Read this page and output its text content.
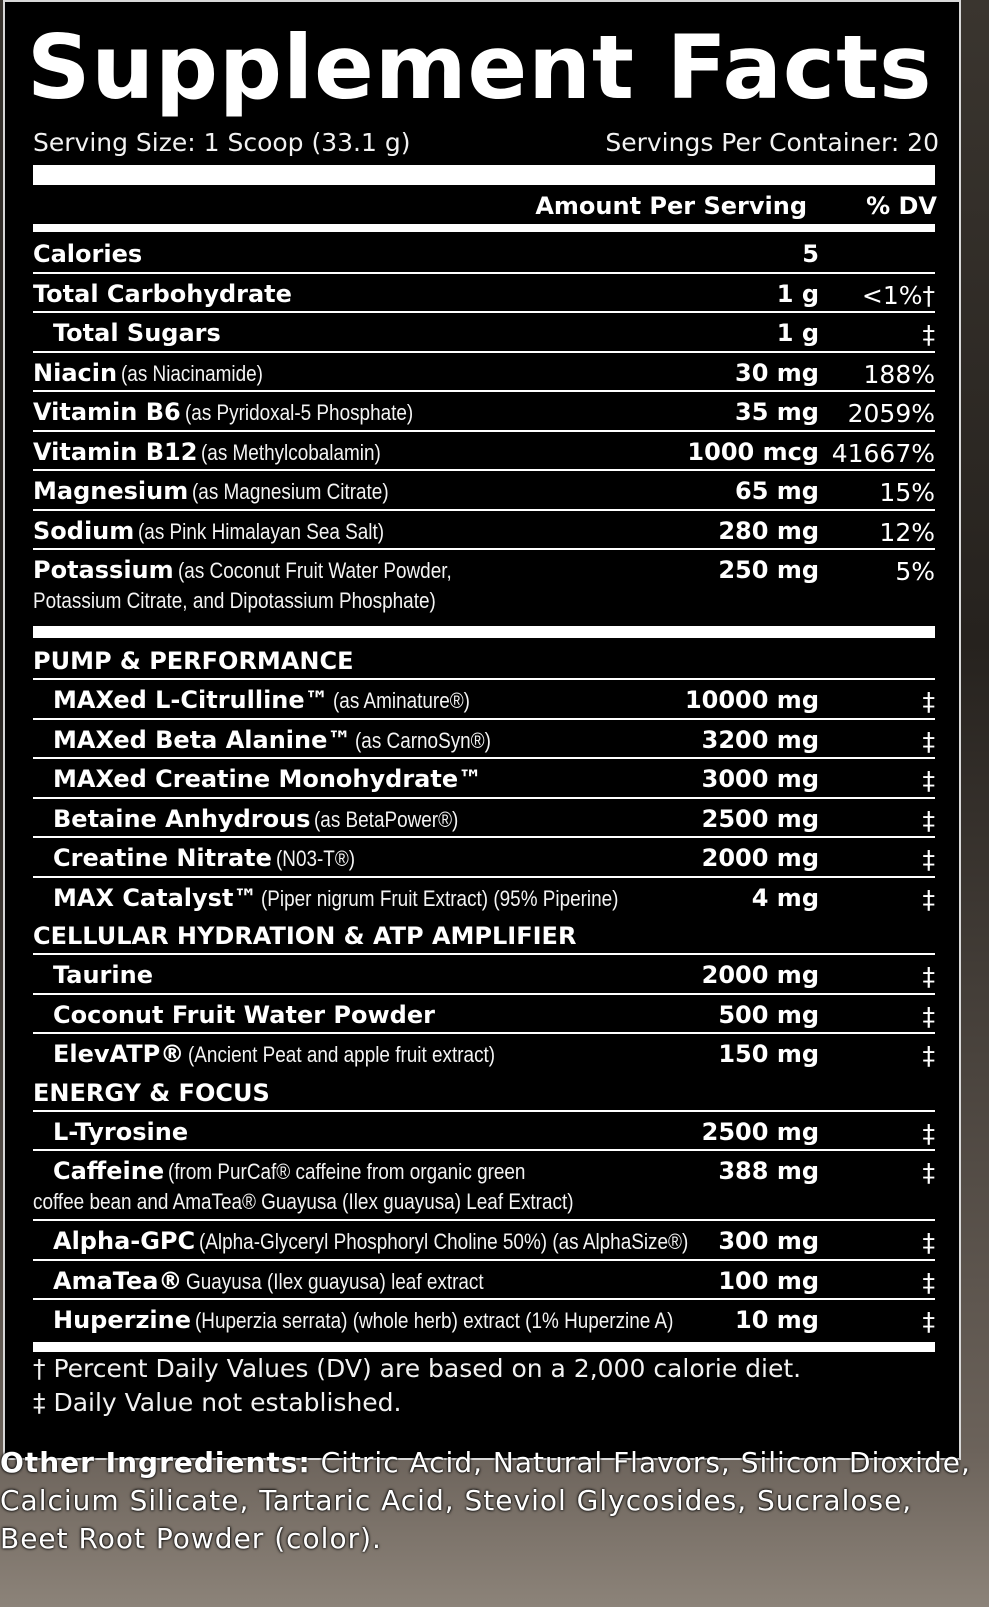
Supplement Facts
Serving Size: 1 Scoop (33.1 g)	Servings Per Container: 20
Amount Per Serving % DV
Calories	5
Total Carbohydrate	1 g <1%†
Total Sugars	1 g	‡
Niacin (as Niacinamide)	30 mg 188%
Vitamin B6 (as Pyridoxal-5 Phosphate)	35 mg 2059%
Vitamin B12 (as Methylcobalamin)	1000 mcg 41667%
Magnesium (as Magnesium Citrate)	65 mg 15%
Sodium (as Pink Himalayan Sea Salt)	280 mg 12%
Potassium (as Coconut Fruit Water Powder,
Potassium Citrate, and Dipotassium Phosphate)
250 mg	5%
PUMP & PERFORMANCE
MAXed L-Citrulline™ (as Aminature®)	10000 mg	‡
MAXed Beta Alanine™ (as CarnoSyn®)	3200 mg	‡
MAXed Creatine Monohydrate™	3000 mg	‡
Betaine Anhydrous (as BetaPower®)	2500 mg	‡
Creatine Nitrate (N03-T®)	2000 mg	‡
MAX Catalyst™ (Piper nigrum Fruit Extract) (95% Piperine)	4 mg	‡
CELLULAR HYDRATION & ATP AMPLIFIER
Taurine	2000 mg	‡
Coconut Fruit Water Powder	500 mg	‡
ElevATP® (Ancient Peat and apple fruit extract)	150 mg	‡
ENERGY & FOCUS
L-Tyrosine	2500 mg	‡
Caffeine (from PurCaf® caffeine from organic green
coffee bean and AmaTea® Guayusa (Ilex guayusa) Leaf Extract)
388 mg	‡
Alpha-GPC (Alpha-Glyceryl Phosphoryl Choline 50%) (as AlphaSize®)	300 mg	‡
AmaTea® Guayusa (Ilex guayusa) leaf extract	100 mg	‡
Huperzine (Huperzia serrata) (whole herb) extract (1% Huperzine A)	10 mg	‡
† Percent Daily Values (DV) are based on a 2,000 calorie diet.
‡ Daily Value not established.
Other Ingredients: Citric Acid, Natural Flavors, Silicon Dioxide, Calcium Silicate, Tartaric Acid, Steviol Glycosides, Sucralose, Beet Root Powder (color).
